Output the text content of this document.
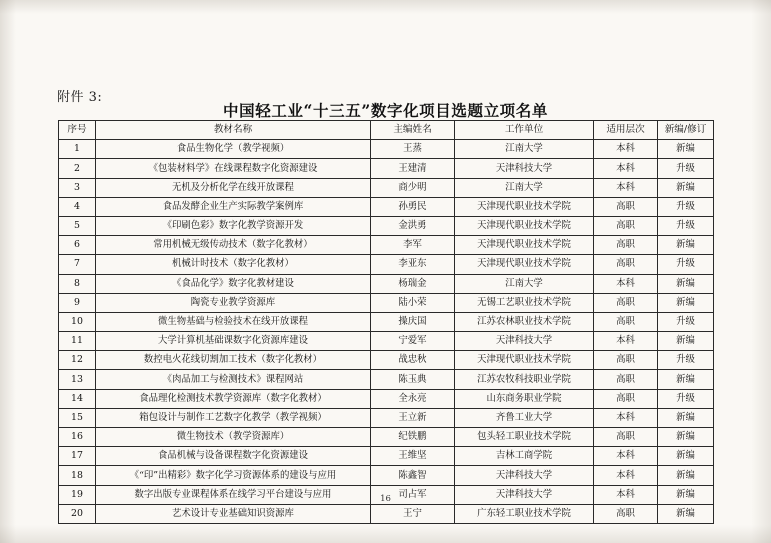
附件 3:
中国轻工业“十三五”数字化项目选题立项名单
序号	教材名称	主编姓名	工作单位	适用层次	新编/修订
1	食品生物化学（教学视频）	王蒸	江南大学	本科	新编
2	《包装材料学》在线课程数字化资源建设	王建清	天津科技大学	本科	升级
3	无机及分析化学在线开放课程	商少明	江南大学	本科	新编
4	食品发酵企业生产实际教学案例库	孙勇民	天津现代职业技术学院	高职	升级
5	《印刷色彩》数字化教学资源开发	金洪勇	天津现代职业技术学院	高职	升级
6	常用机械无级传动技术（数字化教材）	李军	天津现代职业技术学院	高职	新编
7	机械计时技术（数字化教材）	李亚东	天津现代职业技术学院	高职	升级
8	《食品化学》数字化教材建设	杨瑞金	江南大学	本科	新编
9	陶瓷专业教学资源库	陆小荣	无锡工艺职业技术学院	高职	新编
10	微生物基础与检验技术在线开放课程	操庆国	江苏农林职业技术学院	高职	升级
11	大学计算机基础课数字化资源库建设	宁爱军	天津科技大学	本科	新编
12	数控电火花线切割加工技术（数字化教材）	战忠秋	天津现代职业技术学院	高职	升级
13	《肉品加工与检测技术》课程网站	陈玉典	江苏农牧科技职业学院	高职	新编
14	食品理化检测技术教学资源库（数字化教材）	全永亮	山东商务职业学院	高职	升级
15	箱包设计与制作工艺数字化教学（教学视频）	王立新	齐鲁工业大学	本科	新编
16	微生物技术（教学资源库）	纪铁鹏	包头轻工职业技术学院	高职	新编
17	食品机械与设备课程数字化资源建设	王维坚	吉林工商学院	本科	新编
18	《“印”出精彩》数字化学习资源体系的建设与应用	陈鑫智	天津科技大学	本科	新编
19	数字出版专业课程体系在线学习平台建设与应用	司占军	天津科技大学	本科	新编
20	艺术设计专业基础知识资源库	王宁	广东轻工职业技术学院	高职	新编
16
